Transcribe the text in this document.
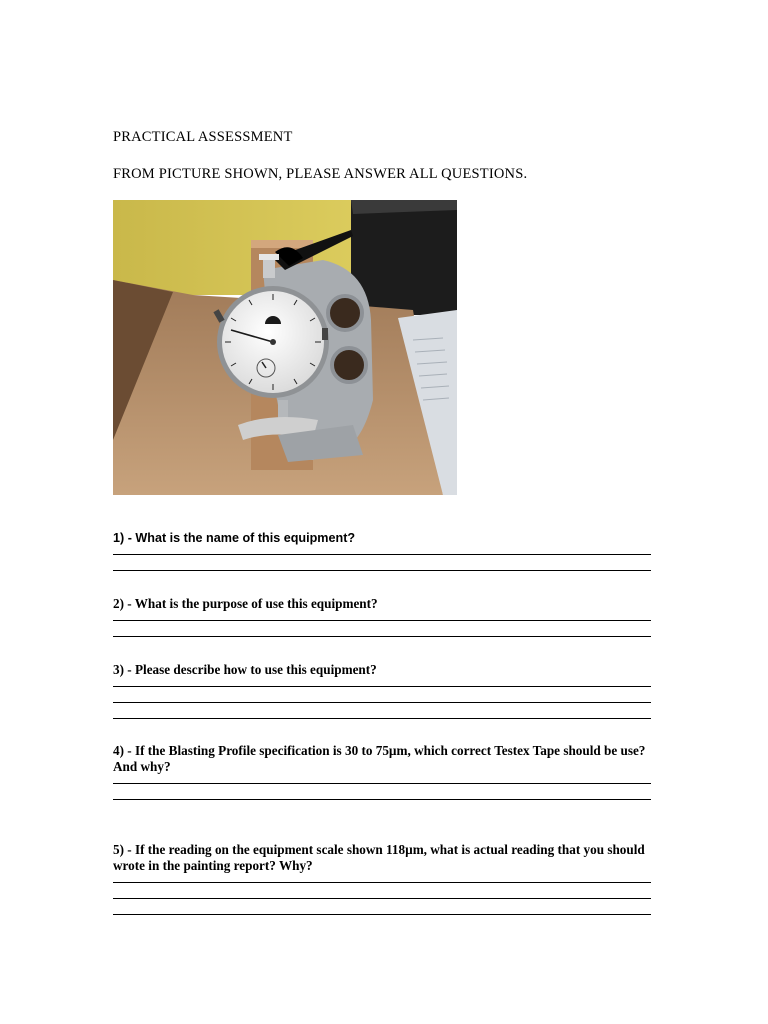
PRACTICAL ASSESSMENT
FROM PICTURE SHOWN, PLEASE ANSWER ALL QUESTIONS.
1) - What is the name of this equipment?
2) - What is the purpose of use this equipment?
3) - Please describe how to use this equipment?
4) - If the Blasting Profile specification is 30 to 75µm, which correct Testex Tape should be use?
And why?
5) - If the reading on the equipment scale shown 118µm, what is actual reading that you should wrote in the painting report? Why?
